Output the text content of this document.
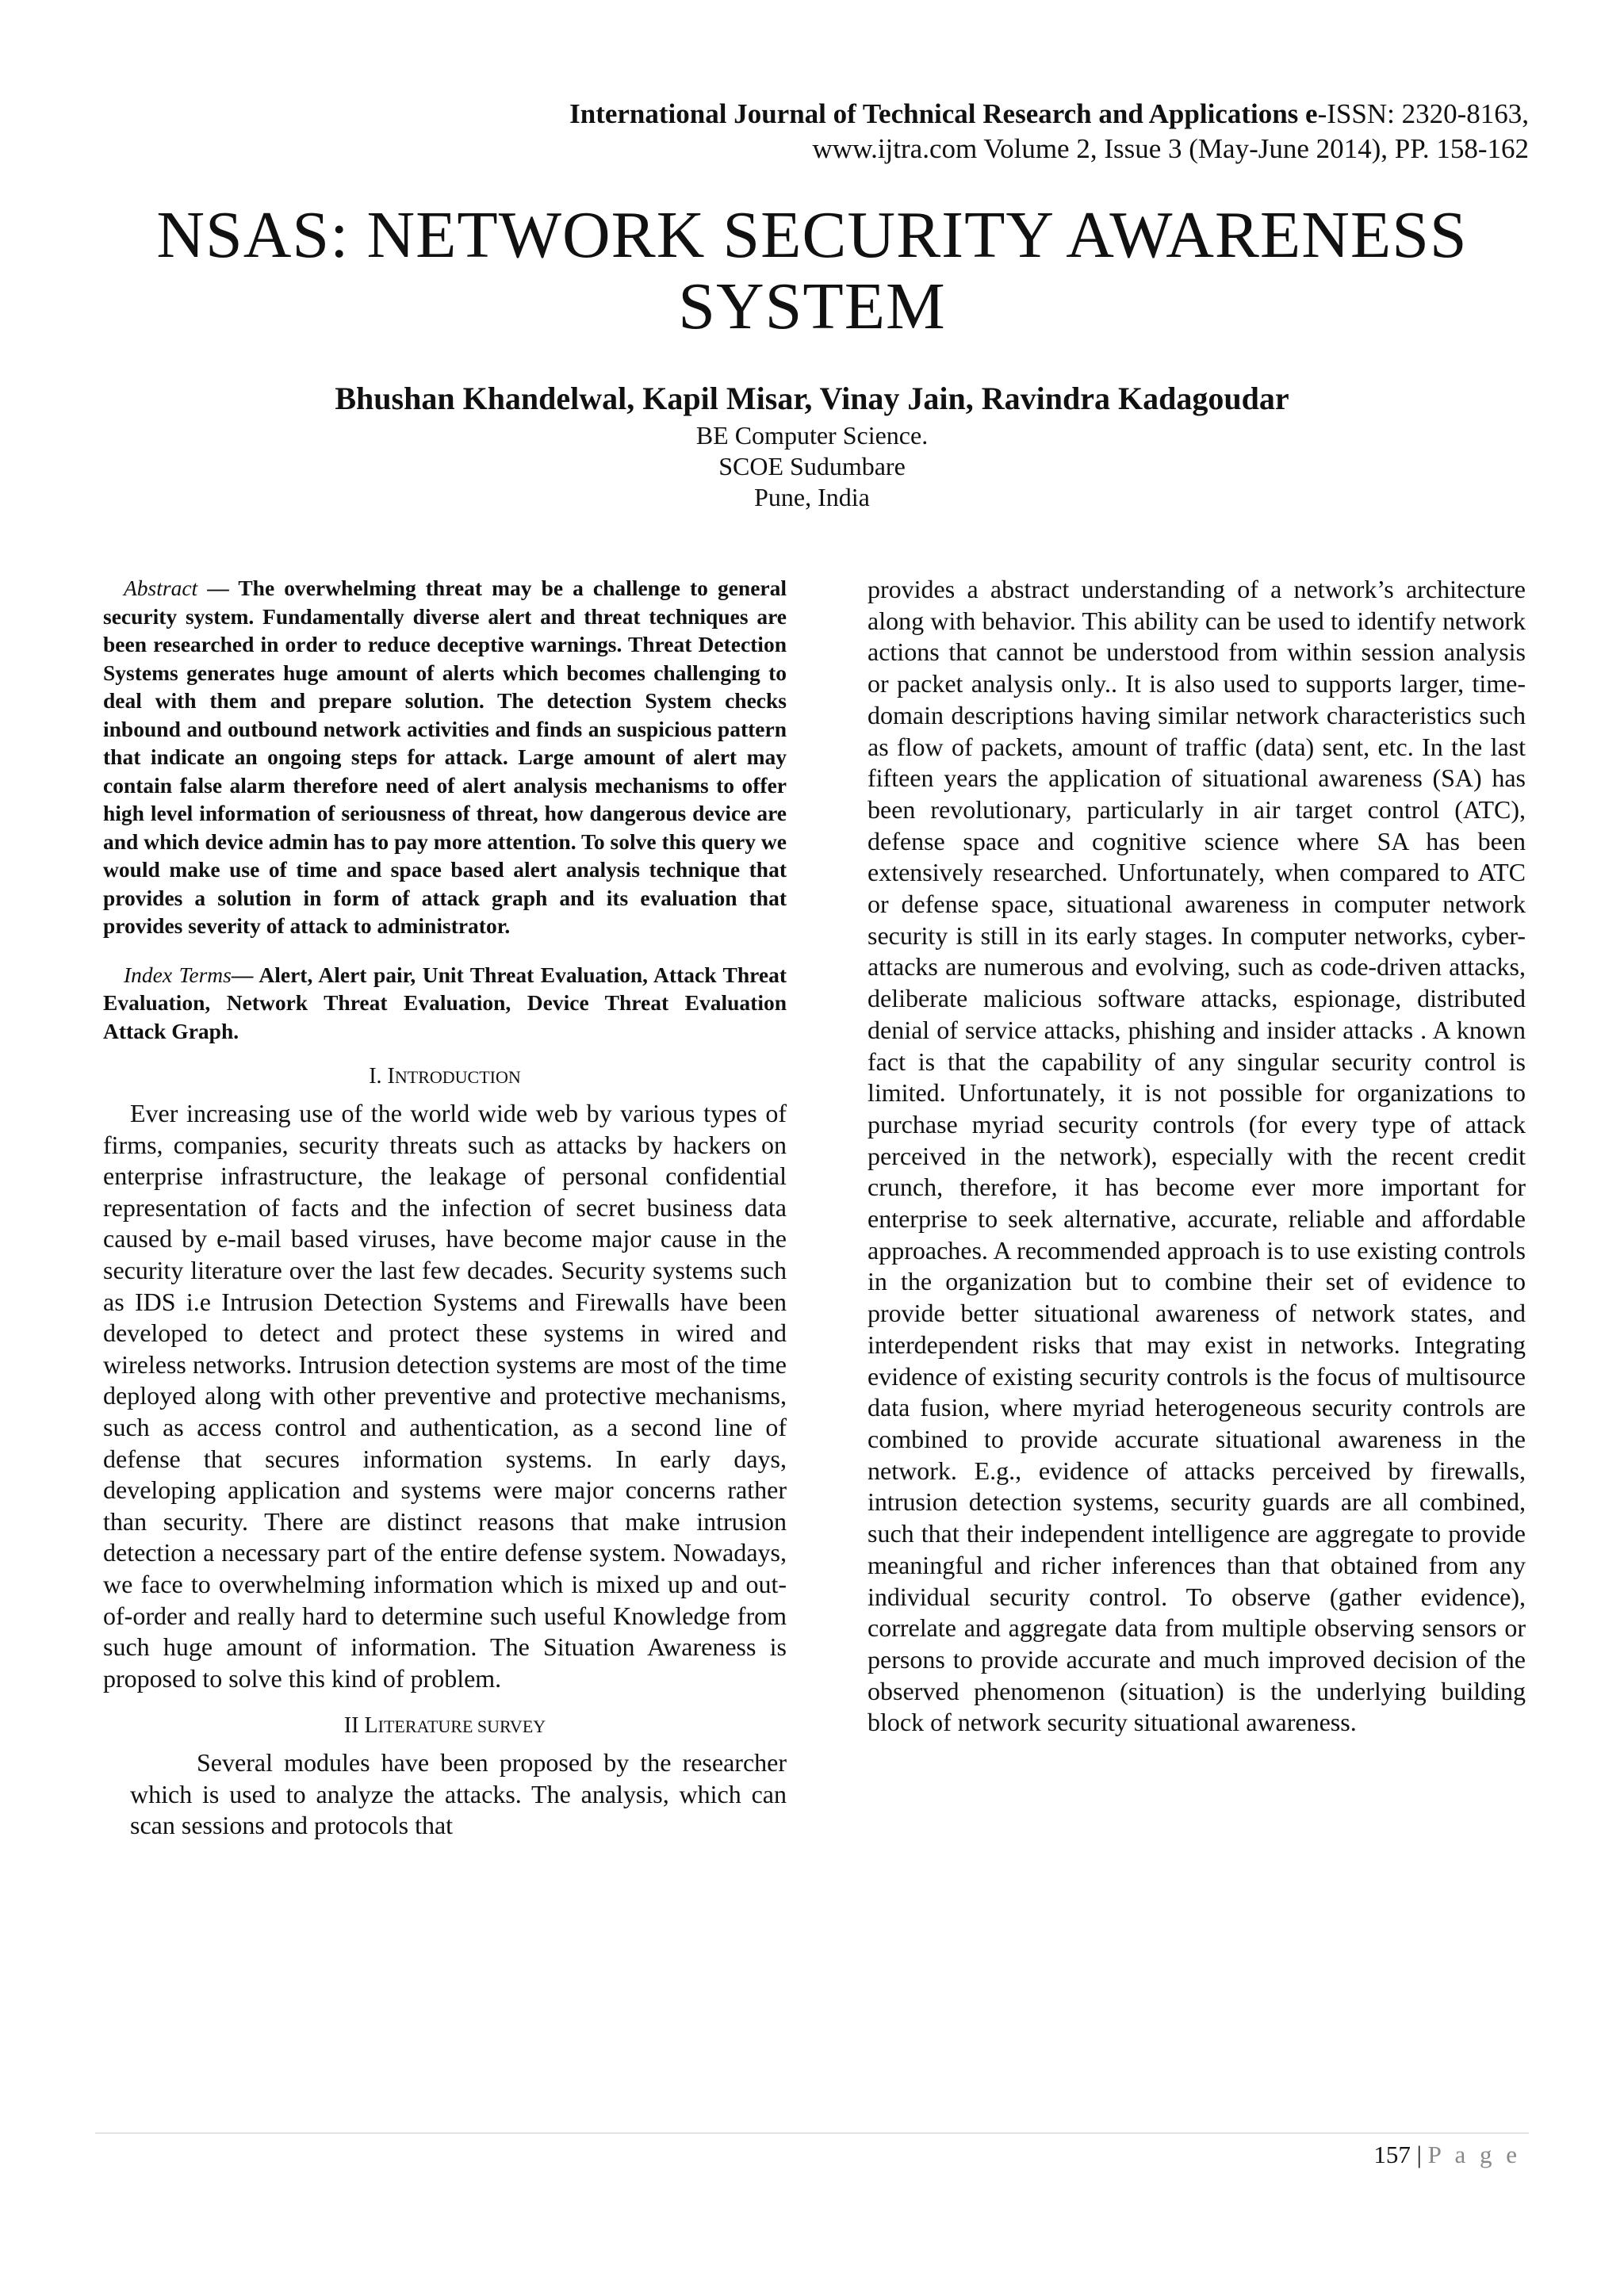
International Journal of Technical Research and Applications e-ISSN: 2320-8163,
www.ijtra.com Volume 2, Issue 3 (May-June 2014), PP. 158-162
NSAS: NETWORK SECURITY AWARENESS SYSTEM
Bhushan Khandelwal, Kapil Misar, Vinay Jain, Ravindra Kadagoudar
BE Computer Science.
SCOE Sudumbare
Pune, India

Abstract — The overwhelming threat may be a challenge to general security system. Fundamentally diverse alert and threat techniques are been researched in order to reduce deceptive warnings. Threat Detection Systems generates huge amount of alerts which becomes challenging to deal with them and prepare solution. The detection System checks inbound and outbound network activities and finds an suspicious pattern that indicate an ongoing steps for attack. Large amount of alert may contain false alarm therefore need of alert analysis mechanisms to offer high level information of seriousness of threat, how dangerous device are and which device admin has to pay more attention. To solve this query we would make use of time and space based alert analysis technique that provides a solution in form of attack graph and its evaluation that provides severity of attack to administrator.

Index Terms— Alert, Alert pair, Unit Threat Evaluation, Attack Threat Evaluation, Network Threat Evaluation, Device Threat Evaluation Attack Graph.

I. INTRODUCTION

Ever increasing use of the world wide web by various types of firms, companies, security threats such as attacks by hackers on enterprise infrastructure, the leakage of personal confidential representation of facts and the infection of secret business data caused by e-mail based viruses, have become major cause in the security literature over the last few decades. Security systems such as IDS i.e Intrusion Detection Systems and Firewalls have been developed to detect and protect these systems in wired and wireless networks. Intrusion detection systems are most of the time deployed along with other preventive and protective mechanisms, such as access control and authentication, as a second line of defense that secures information systems. In early days, developing application and systems were major concerns rather than security. There are distinct reasons that make intrusion detection a necessary part of the entire defense system. Nowadays, we face to overwhelming information which is mixed up and out-of-order and really hard to determine such useful Knowledge from such huge amount of information. The Situation Awareness is proposed to solve this kind of problem.

II LITERATURE SURVEY

Several modules have been proposed by the researcher which is used to analyze the attacks. The analysis, which can scan sessions and protocols that

provides a abstract understanding of a network’s architecture along with behavior. This ability can be used to identify network actions that cannot be understood from within session analysis or packet analysis only.. It is also used to supports larger, time-domain descriptions having similar network characteristics such as flow of packets, amount of traffic (data) sent, etc. In the last fifteen years the application of situational awareness (SA) has been revolutionary, particularly in air target control (ATC), defense space and cognitive science where SA has been extensively researched. Unfortunately, when compared to ATC or defense space, situational awareness in computer network security is still in its early stages. In computer networks, cyber-attacks are numerous and evolving, such as code-driven attacks, deliberate malicious software attacks, espionage, distributed denial of service attacks, phishing and insider attacks . A known fact is that the capability of any singular security control is limited. Unfortunately, it is not possible for organizations to purchase myriad security controls (for every type of attack perceived in the network), especially with the recent credit crunch, therefore, it has become ever more important for enterprise to seek alternative, accurate, reliable and affordable approaches. A recommended approach is to use existing controls in the organization but to combine their set of evidence to provide better situational awareness of network states, and interdependent risks that may exist in networks. Integrating evidence of existing security controls is the focus of multisource data fusion, where myriad heterogeneous security controls are combined to provide accurate situational awareness in the network. E.g., evidence of attacks perceived by firewalls, intrusion detection systems, security guards are all combined, such that their independent intelligence are aggregate to provide meaningful and richer inferences than that obtained from any individual security control. To observe (gather evidence), correlate and aggregate data from multiple observing sensors or persons to provide accurate and much improved decision of the observed phenomenon (situation) is the underlying building block of network security situational awareness.

157 | P a g e
